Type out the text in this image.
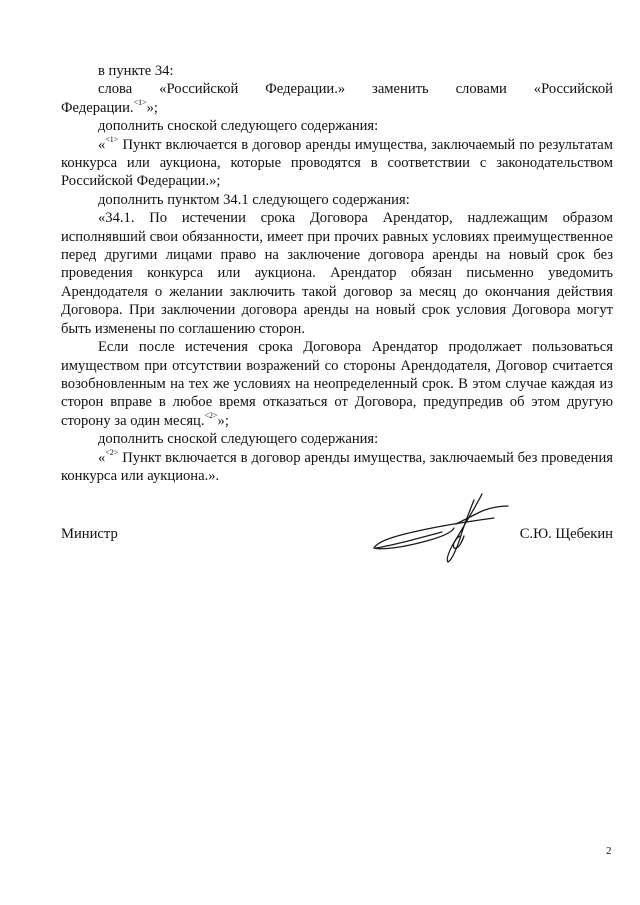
в пункте 34:

слова «Российской Федерации.» заменить словами «Российской

Федерации.$^{<1>}$»;

дополнить сноской следующего содержания:

«$^{<1>}$ Пункт включается в договор аренды имущества, заключаемый по результатам конкурса или аукциона, которые проводятся в соответствии с законодательством Российской Федерации.»;

дополнить пунктом 34.1 следующего содержания:

«34.1. По истечении срока Договора Арендатор, надлежащим образом исполнявший свои обязанности, имеет при прочих равных условиях преимущественное перед другими лицами право на заключение договора аренды на новый срок без проведения конкурса или аукциона. Арендатор обязан письменно уведомить Арендодателя о желании заключить такой договор за месяц до окончания действия Договора. При заключении договора аренды на новый срок условия Договора могут быть изменены по соглашению сторон.

Если после истечения срока Договора Арендатор продолжает пользоваться имуществом при отсутствии возражений со стороны Арендодателя, Договор считается возобновленным на тех же условиях на неопределенный срок. В этом случае каждая из сторон вправе в любое время отказаться от Договора, предупредив об этом другую сторону за один месяц.$^{<2>}$»;

дополнить сноской следующего содержания:

«$^{<2>}$ Пункт включается в договор аренды имущества, заключаемый без проведения конкурса или аукциона.».

Министр	С.Ю. Щебекин
2
